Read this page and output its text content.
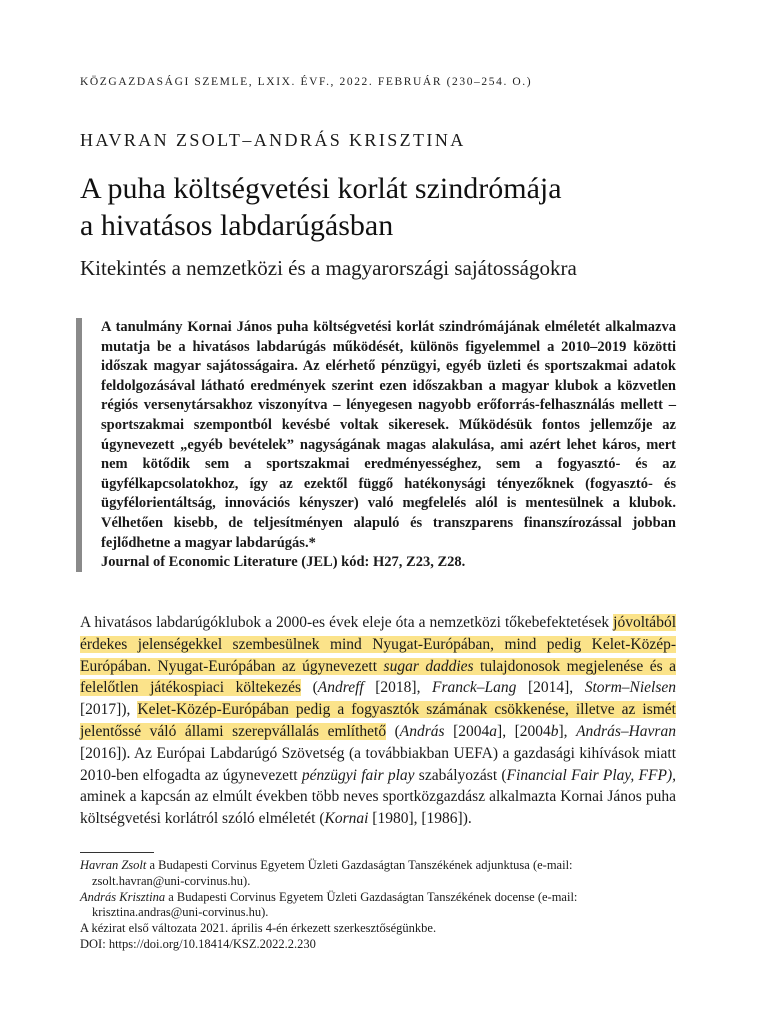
KÖZGAZDASÁGI SZEMLE, LXIX. ÉVF., 2022. FEBRUÁR (230–254. O.)
HAVRAN ZSOLT–ANDRÁS KRISZTINA
A puha költségvetési korlát szindrómája
a hivatásos labdarúgásban
Kitekintés a nemzetközi és a magyarországi sajátosságokra

A tanulmány Kornai János puha költségvetési korlát szindrómájának elméletét alkalmazva mutatja be a hivatásos labdarúgás működését, különös figyelemmel a 2010–2019 közötti időszak magyar sajátosságaira. Az elérhető pénzügyi, egyéb üzleti és sportszakmai adatok feldolgozásával látható eredmények szerint ezen időszakban a magyar klubok a közvetlen régiós versenytársakhoz viszonyítva – lényegesen nagyobb erőforrás-felhasználás mellett – sportszakmai szempontból kevésbé voltak sikeresek. Működésük fontos jellemzője az úgynevezett „egyéb bevételek” nagyságának magas alakulása, ami azért lehet káros, mert nem kötődik sem a sportszakmai eredményességhez, sem a fogyasztó- és az ügyfélkapcsolatokhoz, így az ezektől függő hatékonysági tényezőknek (fogyasztó- és ügyfélorientáltság, innovációs kényszer) való megfelelés alól is mentesülnek a klubok. Vélhetően kisebb, de teljesítményen alapuló és transzparens finanszírozással jobban fejlődhetne a magyar labdarúgás.*

Journal of Economic Literature (JEL) kód: H27, Z23, Z28.

A hivatásos labdarúgóklubok a 2000-es évek eleje óta a nemzetközi tőkebefektetések jóvoltából érdekes jelenségekkel szembesülnek mind Nyugat-Európában, mind pedig Kelet-Közép-Európában. Nyugat-Európában az úgynevezett sugar daddies tulajdonosok megjelenése és a felelőtlen játékospiaci költekezés (Andreff [2018], Franck–Lang [2014], Storm–Nielsen [2017]), Kelet-Közép-Európában pedig a fogyasztók számának csökkenése, illetve az ismét jelentőssé váló állami szerepvállalás említhető (András [2004a], [2004b], András–Havran [2016]). Az Európai Labdarúgó Szövetség (a továbbiakban UEFA) a gazdasági kihívások miatt 2010-ben elfogadta az úgynevezett pénzügyi fair play szabályozást (Financial Fair Play, FFP), aminek a kapcsán az elmúlt években több neves sportközgazdász alkalmazta Kornai János puha költségvetési korlátról szóló elméletét (Kornai [1980], [1986]).

Havran Zsolt a Budapesti Corvinus Egyetem Üzleti Gazdaságtan Tanszékének adjunktusa (e-mail:
zsolt.havran@uni-corvinus.hu).

András Krisztina a Budapesti Corvinus Egyetem Üzleti Gazdaságtan Tanszékének docense (e-mail:
krisztina.andras@uni-corvinus.hu).

A kézirat első változata 2021. április 4-én érkezett szerkesztőségünkbe.

DOI: https://doi.org/10.18414/KSZ.2022.2.230
